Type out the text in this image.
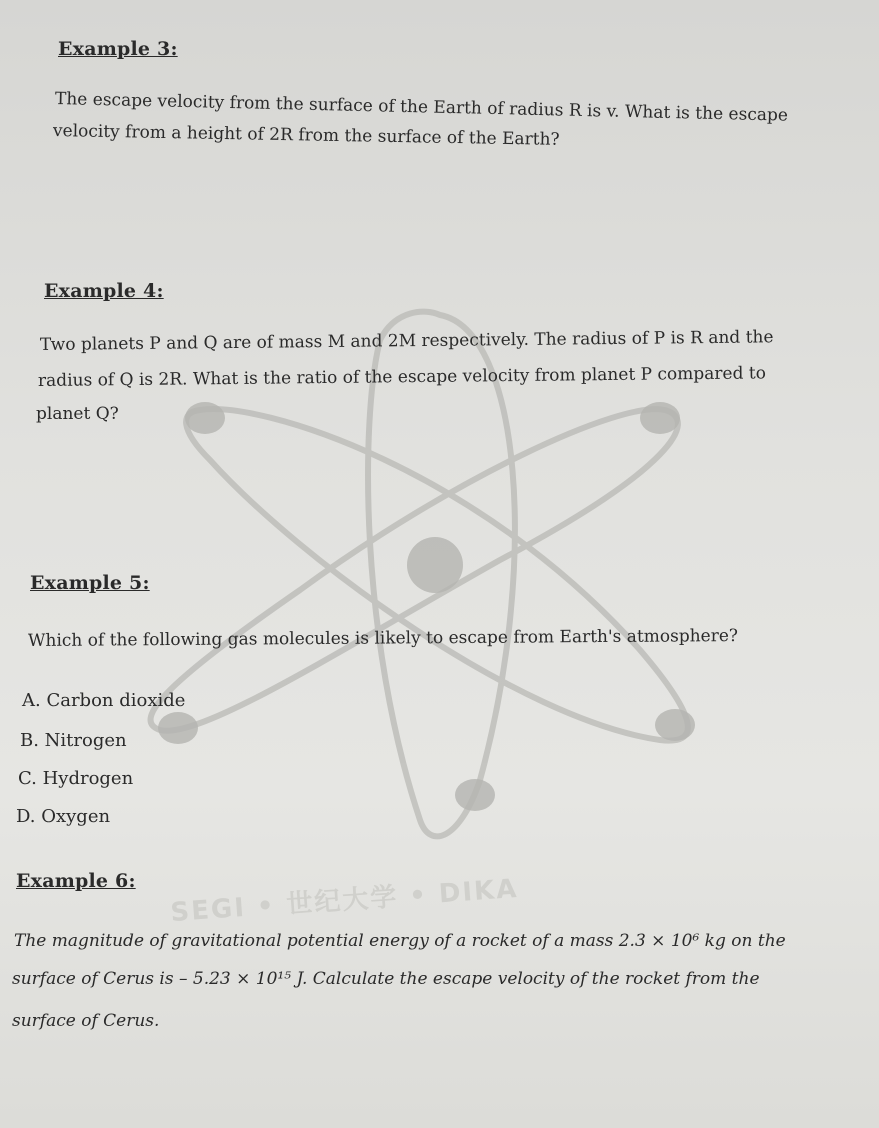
SEGI • 世纪大学 • DIKA
Example 3:
The escape velocity from the surface of the Earth of radius R is v. What is the escape
velocity from a height of 2R from the surface of the Earth?
Example 4:
Two planets P and Q are of mass M and 2M respectively. The radius of P is R and the
radius of Q is 2R. What is the ratio of the escape velocity from planet P compared to
planet Q?
Example 5:
Which of the following gas molecules is likely to escape from Earth's atmosphere?
A. Carbon dioxide
B. Nitrogen
C. Hydrogen
D. Oxygen
Example 6:
The magnitude of gravitational potential energy of a rocket of a mass 2.3 × 10⁶ kg on the
surface of Cerus is – 5.23 × 10¹⁵ J. Calculate the escape velocity of the rocket from the
surface of Cerus.
